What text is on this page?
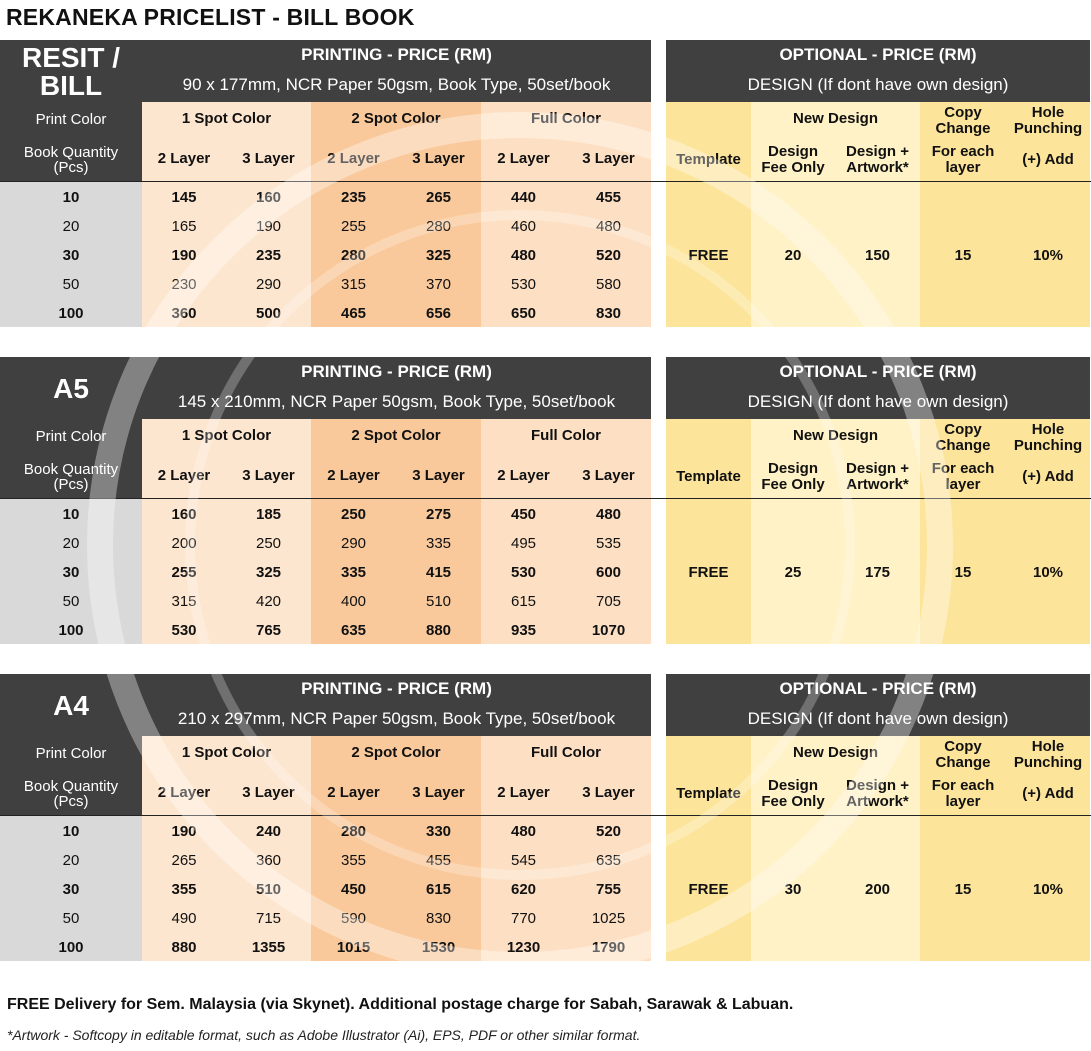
REKANEKA PRICELIST - BILL BOOK
RESIT /
BILL
Print Color
Book Quantity
(Pcs)
PRINTING - PRICE (RM)
90 x 177mm, NCR Paper 50gsm, Book Type, 50set/book
OPTIONAL - PRICE (RM)
DESIGN (If dont have own design)
1 Spot Color	2 Spot Color	Full Color
2 Layer	3 Layer	2 Layer	3 Layer	2 Layer	3 Layer	Template
New Design
Design
Fee Only
Design +
Artwork*
Copy
Change
For each
layer
Hole
Punching
(+) Add
10	145	160	235	265	440	455
20	165	190	255	280	460	480
30	190	235	280	325	480	520
50	230	290	315	370	530	580
100	360	500	465	656	650	830
FREE	20	150	15	10%
A5
Print Color
Book Quantity
(Pcs)
PRINTING - PRICE (RM)
145 x 210mm, NCR Paper 50gsm, Book Type, 50set/book
OPTIONAL - PRICE (RM)
DESIGN (If dont have own design)
1 Spot Color	2 Spot Color	Full Color
2 Layer	3 Layer	2 Layer	3 Layer	2 Layer	3 Layer	Template
New Design
Design
Fee Only
Design +
Artwork*
Copy
Change
For each
layer
Hole
Punching
(+) Add
10	160	185	250	275	450	480
20	200	250	290	335	495	535
30	255	325	335	415	530	600
50	315	420	400	510	615	705
100	530	765	635	880	935	1070
FREE	25	175	15	10%
A4
Print Color
Book Quantity
(Pcs)
PRINTING - PRICE (RM)
210 x 297mm, NCR Paper 50gsm, Book Type, 50set/book
OPTIONAL - PRICE (RM)
DESIGN (If dont have own design)
1 Spot Color	2 Spot Color	Full Color
2 Layer	3 Layer	2 Layer	3 Layer	2 Layer	3 Layer	Template
New Design
Design
Fee Only
Design +
Artwork*
Copy
Change
For each
layer
Hole
Punching
(+) Add
10	190	240	280	330	480	520
20	265	360	355	455	545	635
30	355	510	450	615	620	755
50	490	715	590	830	770	1025
100	880	1355	1015	1530	1230	1790
FREE	30	200	15	10%
FREE Delivery for Sem. Malaysia (via Skynet). Additional postage charge for Sabah, Sarawak & Labuan.
*Artwork - Softcopy in editable format, such as Adobe Illustrator (Ai), EPS, PDF or other similar format.
